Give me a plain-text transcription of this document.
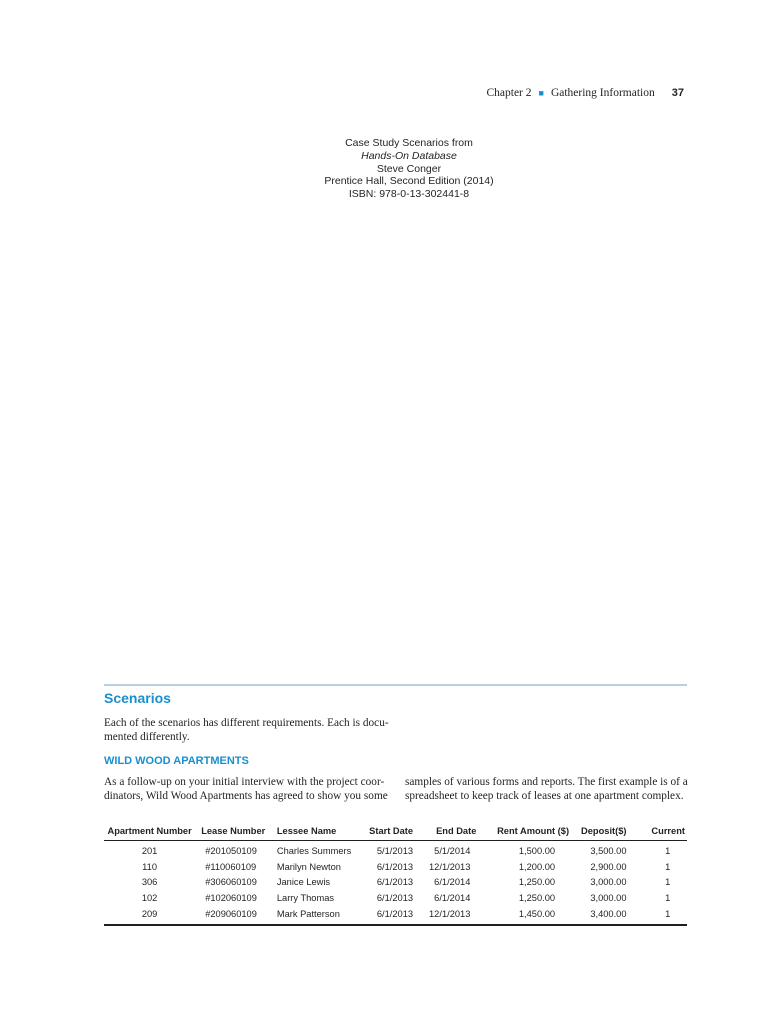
Chapter 2 ■ Gathering Information 37
Case Study Scenarios from
Hands-On Database
Steve Conger
Prentice Hall, Second Edition (2014)
ISBN: 978-0-13-302441-8
Scenarios
Each of the scenarios has different requirements. Each is docu- mented differently.
WILD WOOD APARTMENTS
As a follow-up on your initial interview with the project coor-
dinators, Wild Wood Apartments has agreed to show you some
samples of various forms and reports. The first example is of a
spreadsheet to keep track of leases at one apartment complex.
Apartment Number	Lease Number	Lessee Name	Start Date	End Date	Rent Amount ($)	Deposit($)	Current
201	#201050109	Charles Summers	5/1/2013	5/1/2014	1,500.00	3,500.00	1
110	#110060109	Marilyn Newton	6/1/2013	12/1/2013	1,200.00	2,900.00	1
306	#306060109	Janice Lewis	6/1/2013	6/1/2014	1,250.00	3,000.00	1
102	#102060109	Larry Thomas	6/1/2013	6/1/2014	1,250.00	3,000.00	1
209	#209060109	Mark Patterson	6/1/2013	12/1/2013	1,450.00	3,400.00	1
